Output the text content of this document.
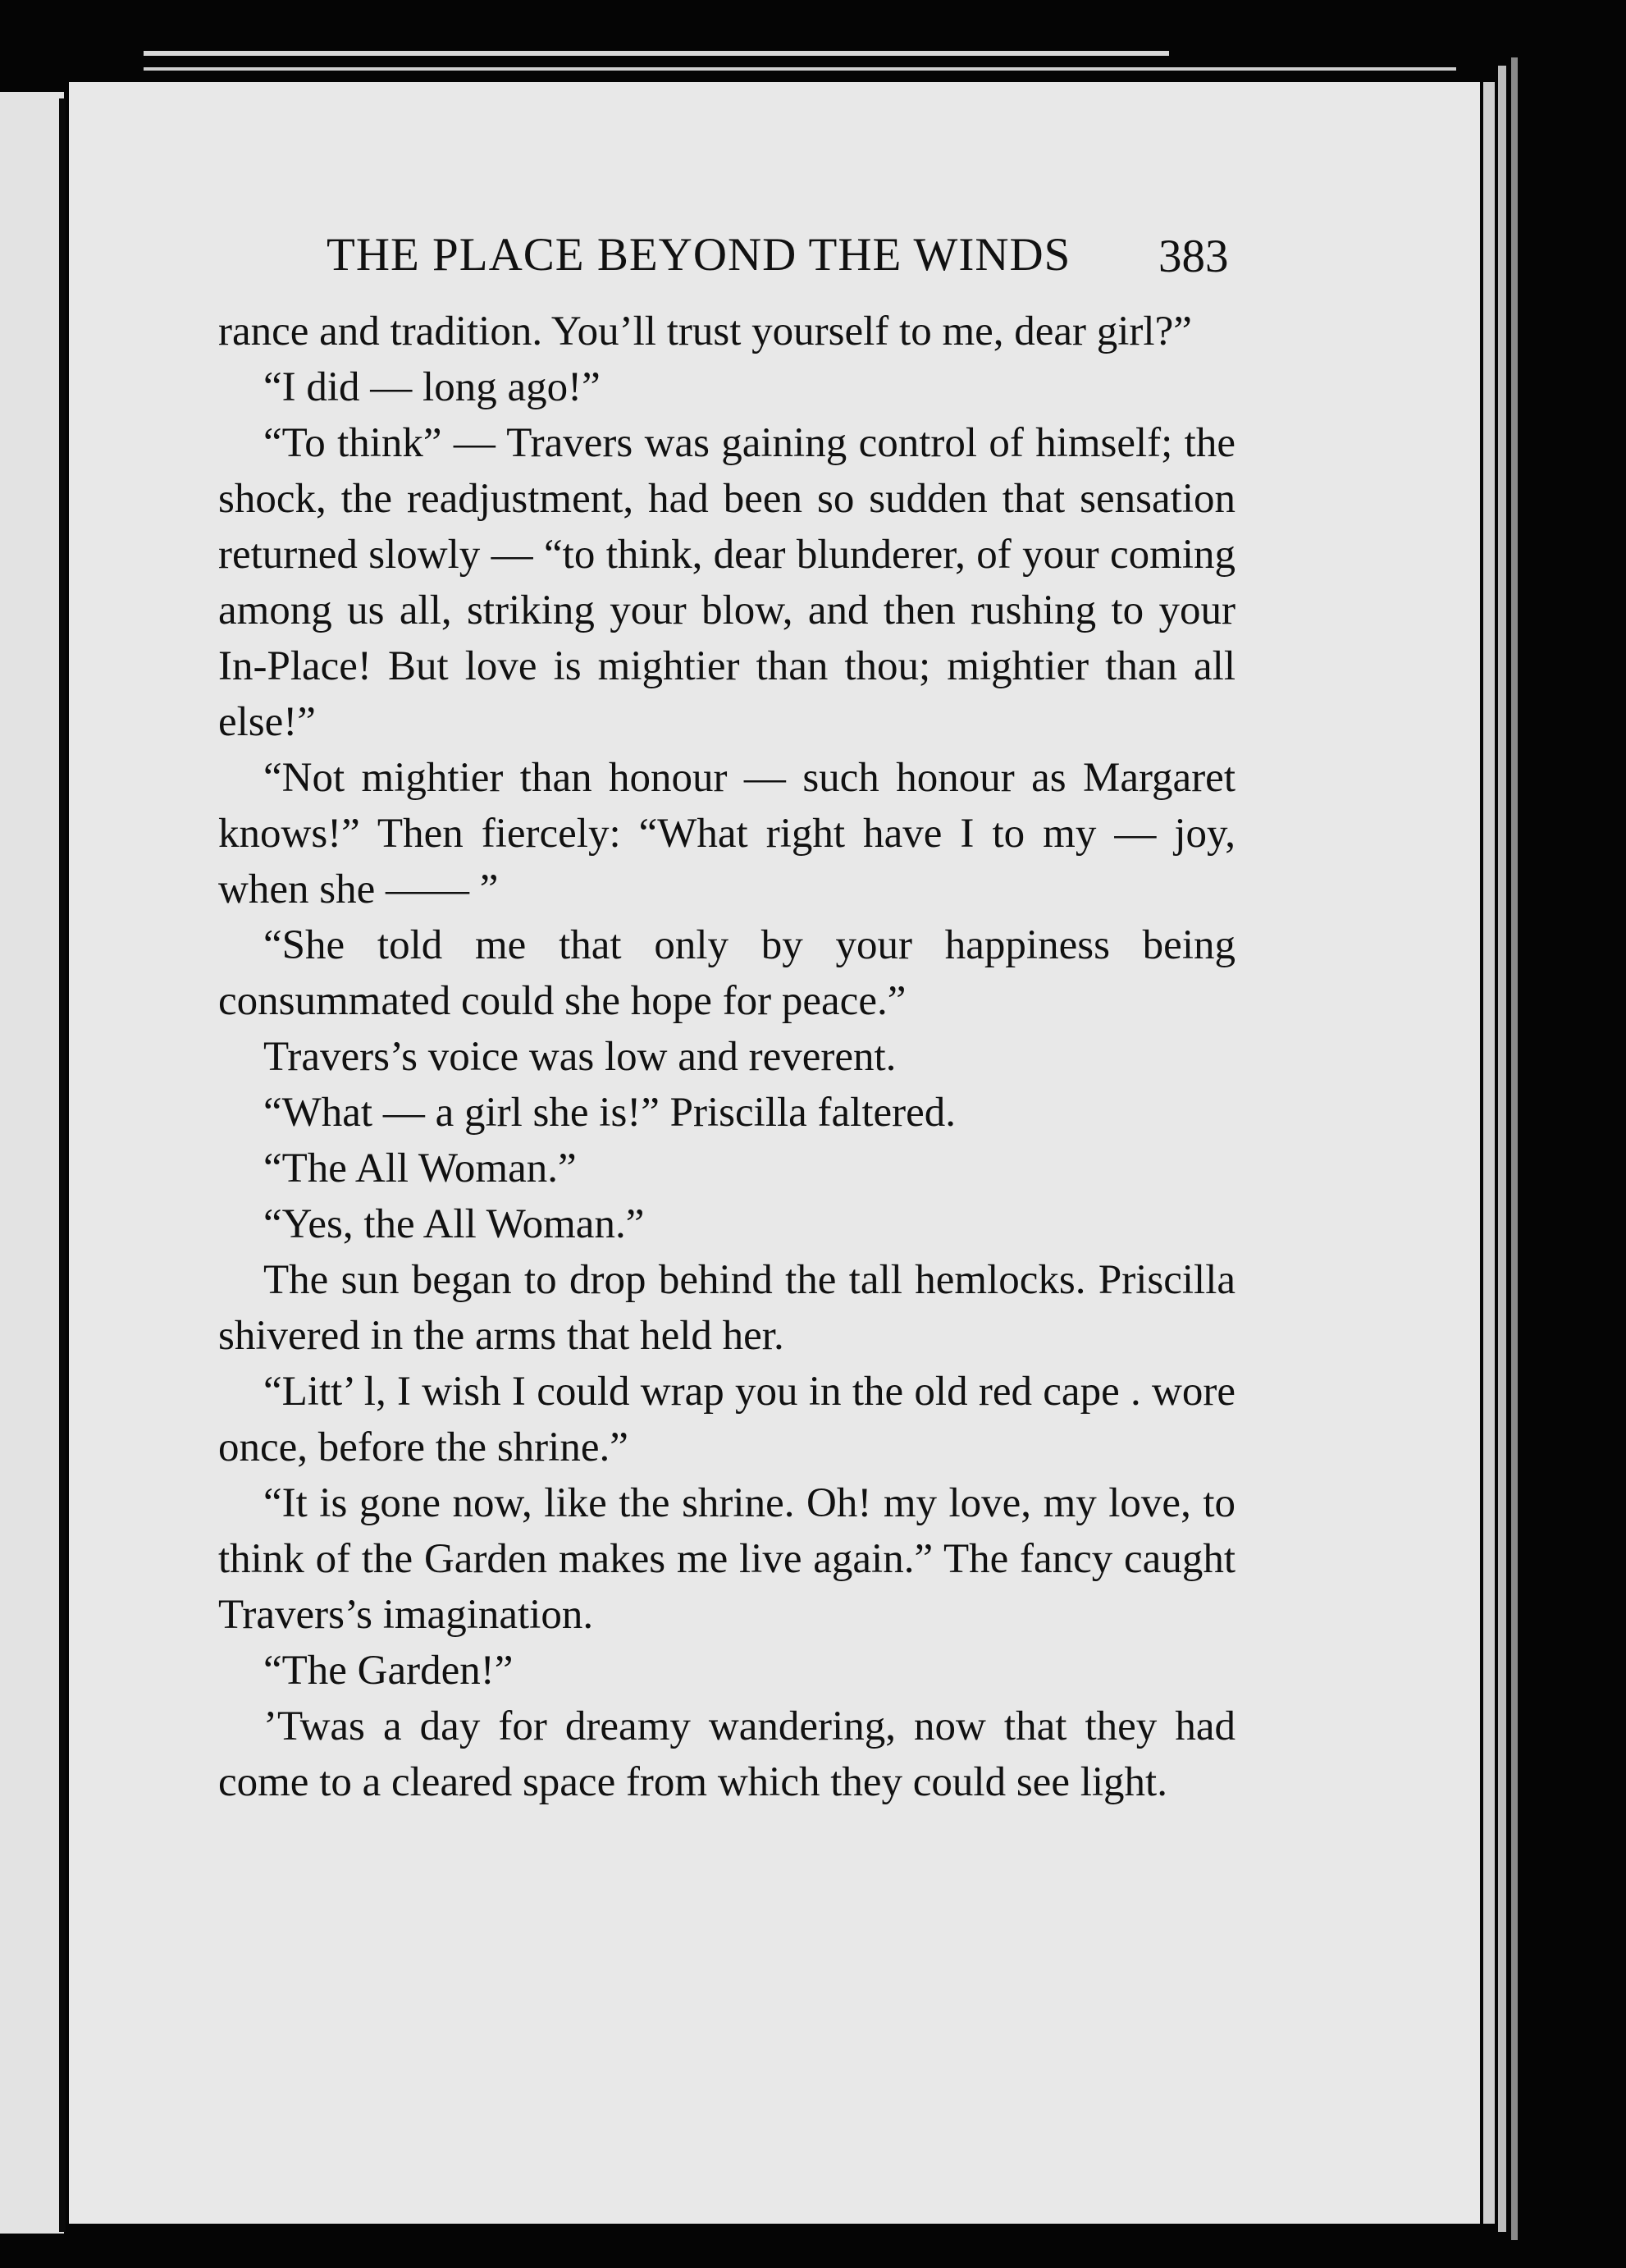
THE PLACE BEYOND THE WINDS 383

rance and tradition. You’ll trust yourself to me, dear girl?”

“I did — long ago!”

“To think” — Travers was gaining control of himself; the shock, the readjustment, had been so sudden that sensation returned slowly — “to think, dear blunderer, of your coming among us all, striking your blow, and then rushing to your In-Place! But love is mightier than thou; mightier than all else!”

“Not mightier than honour — such honour as Margaret knows!” Then fiercely: “What right have I to my — joy, when she —— ”

“She told me that only by your happiness being consummated could she hope for peace.”

Travers’s voice was low and reverent.

“What — a girl she is!” Priscilla faltered.

“The All Woman.”

“Yes, the All Woman.”

The sun began to drop behind the tall hemlocks. Priscilla shivered in the arms that held her.

“Litt’ l, I wish I could wrap you in the old red cape . wore once, before the shrine.”

“It is gone now, like the shrine. Oh! my love, my love, to think of the Garden makes me live again.” The fancy caught Travers’s imagination.

“The Garden!”

’Twas a day for dreamy wandering, now that they had come to a cleared space from which they could see light.
